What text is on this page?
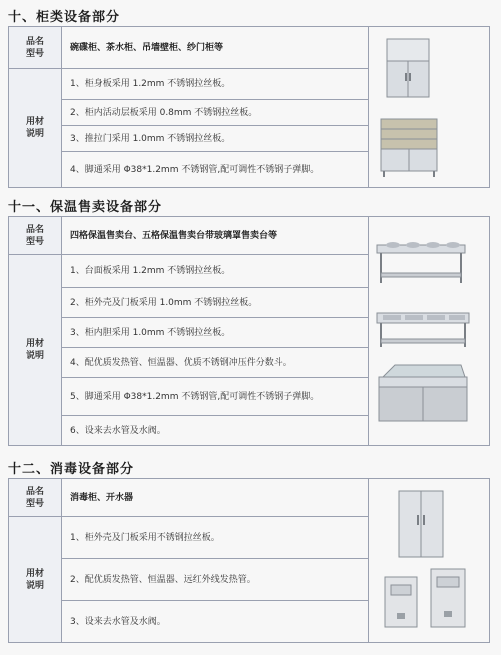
十、柜类设备部分
品名
型号	碗碟柜、茶水柜、吊墙壁柜、纱门柜等	

用材
说明	1、柜身板采用 1.2mm 不锈钢拉丝板。	
	2、柜内活动层板采用 0.8mm 不锈钢拉丝板。	
	3、推拉门采用 1.0mm 不锈钢拉丝板。	
	4、脚通采用 Φ38*1.2mm 不锈钢管,配可调性不锈钢子弹脚。	
十一、保温售卖设备部分
品名
型号	四格保温售卖台、五格保温售卖台带玻璃罩售卖台等	

用材
说明	1、台面板采用 1.2mm 不锈钢拉丝板。	
	2、柜外壳及门板采用 1.0mm 不锈钢拉丝板。	
	3、柜内胆采用 1.0mm 不锈钢拉丝板。	
	4、配优质发热管、恒温器、优质不锈钢冲压件分数斗。	
	5、脚通采用 Φ38*1.2mm 不锈钢管,配可调性不锈钢子弹脚。	
	6、设来去水管及水阀。	
十二、消毒设备部分
品名
型号	消毒柜、开水器	

用材
说明	1、柜外壳及门板采用不锈钢拉丝板。	
	2、配优质发热管、恒温器、远红外线发热管。	
	3、设来去水管及水阀。	
